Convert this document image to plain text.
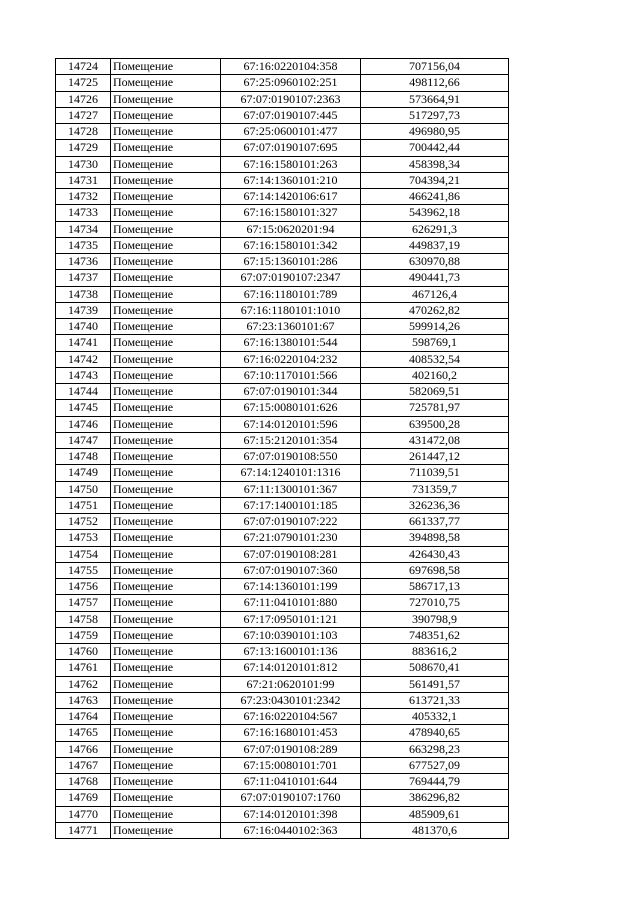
14724	Помещение	67:16:0220104:358	707156,04
14725	Помещение	67:25:0960102:251	498112,66
14726	Помещение	67:07:0190107:2363	573664,91
14727	Помещение	67:07:0190107:445	517297,73
14728	Помещение	67:25:0600101:477	496980,95
14729	Помещение	67:07:0190107:695	700442,44
14730	Помещение	67:16:1580101:263	458398,34
14731	Помещение	67:14:1360101:210	704394,21
14732	Помещение	67:14:1420106:617	466241,86
14733	Помещение	67:16:1580101:327	543962,18
14734	Помещение	67:15:0620201:94	626291,3
14735	Помещение	67:16:1580101:342	449837,19
14736	Помещение	67:15:1360101:286	630970,88
14737	Помещение	67:07:0190107:2347	490441,73
14738	Помещение	67:16:1180101:789	467126,4
14739	Помещение	67:16:1180101:1010	470262,82
14740	Помещение	67:23:1360101:67	599914,26
14741	Помещение	67:16:1380101:544	598769,1
14742	Помещение	67:16:0220104:232	408532,54
14743	Помещение	67:10:1170101:566	402160,2
14744	Помещение	67:07:0190101:344	582069,51
14745	Помещение	67:15:0080101:626	725781,97
14746	Помещение	67:14:0120101:596	639500,28
14747	Помещение	67:15:2120101:354	431472,08
14748	Помещение	67:07:0190108:550	261447,12
14749	Помещение	67:14:1240101:1316	711039,51
14750	Помещение	67:11:1300101:367	731359,7
14751	Помещение	67:17:1400101:185	326236,36
14752	Помещение	67:07:0190107:222	661337,77
14753	Помещение	67:21:0790101:230	394898,58
14754	Помещение	67:07:0190108:281	426430,43
14755	Помещение	67:07:0190107:360	697698,58
14756	Помещение	67:14:1360101:199	586717,13
14757	Помещение	67:11:0410101:880	727010,75
14758	Помещение	67:17:0950101:121	390798,9
14759	Помещение	67:10:0390101:103	748351,62
14760	Помещение	67:13:1600101:136	883616,2
14761	Помещение	67:14:0120101:812	508670,41
14762	Помещение	67:21:0620101:99	561491,57
14763	Помещение	67:23:0430101:2342	613721,33
14764	Помещение	67:16:0220104:567	405332,1
14765	Помещение	67:16:1680101:453	478940,65
14766	Помещение	67:07:0190108:289	663298,23
14767	Помещение	67:15:0080101:701	677527,09
14768	Помещение	67:11:0410101:644	769444,79
14769	Помещение	67:07:0190107:1760	386296,82
14770	Помещение	67:14:0120101:398	485909,61
14771	Помещение	67:16:0440102:363	481370,6
